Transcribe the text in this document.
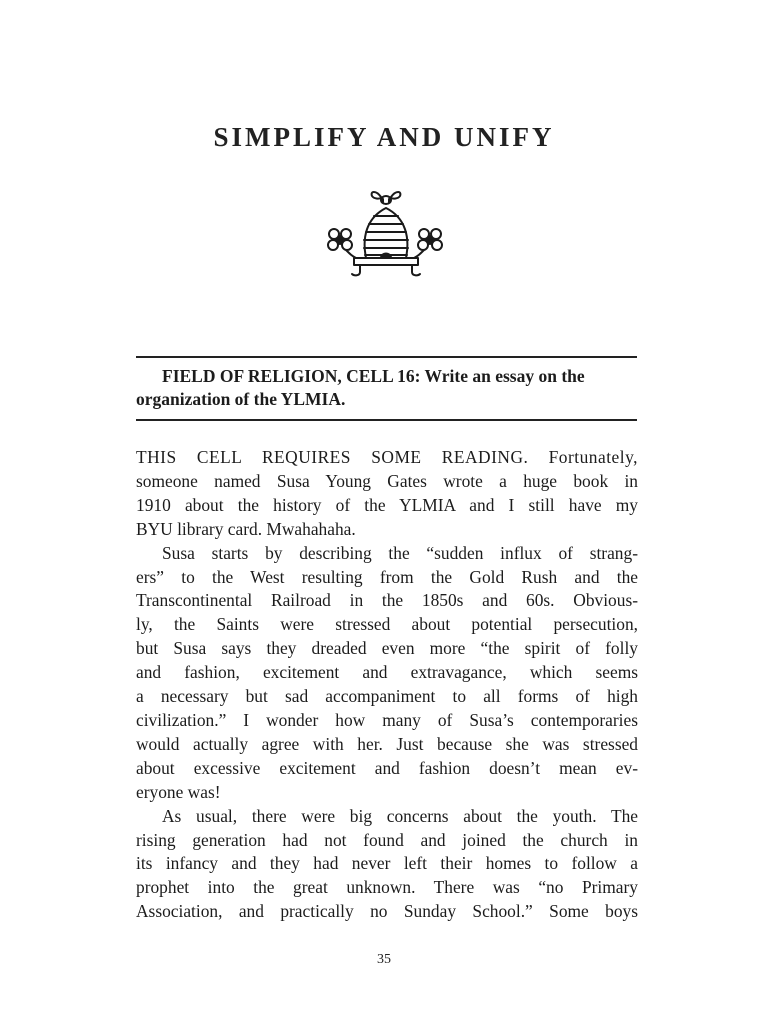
SIMPLIFY AND UNIFY
FIELD OF RELIGION, CELL 16: Write an essay on the
organization of the YLMIA.
THIS CELL REQUIRES SOME READING. Fortunately,
someone named Susa Young Gates wrote a huge book in
1910 about the history of the YLMIA and I still have my
BYU library card. Mwahahaha.
Susa starts by describing the “sudden influx of strang-
ers” to the West resulting from the Gold Rush and the
Transcontinental Railroad in the 1850s and 60s. Obvious-
ly, the Saints were stressed about potential persecution,
but Susa says they dreaded even more “the spirit of folly
and fashion, excitement and extravagance, which seems
a necessary but sad accompaniment to all forms of high
civilization.” I wonder how many of Susa’s contemporaries
would actually agree with her. Just because she was stressed
about excessive excitement and fashion doesn’t mean ev-
eryone was!
As usual, there were big concerns about the youth. The
rising generation had not found and joined the church in
its infancy and they had never left their homes to follow a
prophet into the great unknown. There was “no Primary
Association, and practically no Sunday School.” Some boys
35
